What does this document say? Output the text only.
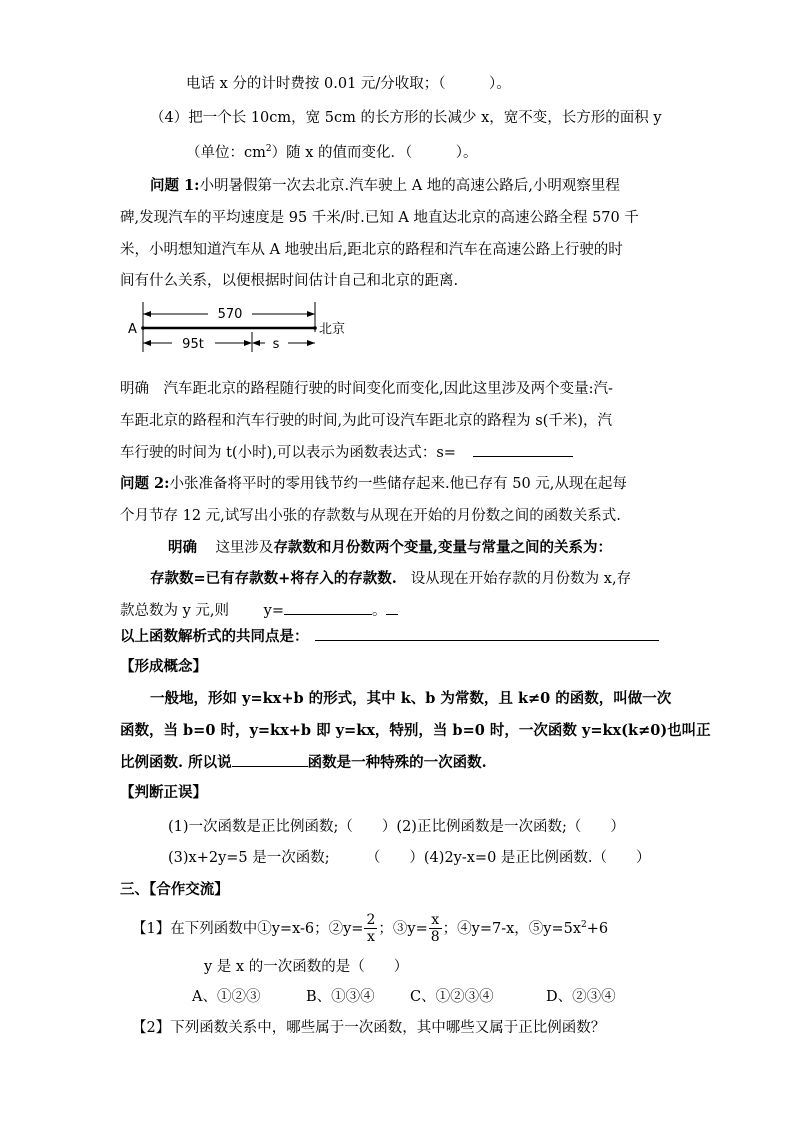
电话 x 分的计时费按 0.01 元/分收取；（　　　）。
（4）把一个长 10cm，宽 5cm 的长方形的长减少 x，宽不变，长方形的面积 y
（单位：$cm^2$）随 x 的值而变化．（　　　）。
问题 1:小明暑假第一次去北京.汽车驶上 A 地的高速公路后,小明观察里程
碑,发现汽车的平均速度是 95 千米/时.已知 A 地直达北京的高速公路全程 570 千
米，小明想知道汽车从 A 地驶出后,距北京的路程和汽车在高速公路上行驶的时
间有什么关系，以便根据时间估计自己和北京的距离.
570
A	北京
95t	s
明确　汽车距北京的路程随行驶的时间变化而变化,因此这里涉及两个变量:汽-
车距北京的路程和汽车行驶的时间,为此可设汽车距北京的路程为 s(千米)，汽
车行驶的时间为 t(小时),可以表示为函数表达式：s=
问题 2:小张准备将平时的零用钱节约一些储存起来.他已存有 50 元,从现在起每
个月节存 12 元,试写出小张的存款数与从现在开始的月份数之间的函数关系式.
明确 这里涉及存款数和月份数两个变量,变量与常量之间的关系为：
存款数=已有存款数+将存入的存款数. 设从现在开始存款的月份数为 x,存
款总数为 y 元,则 y=	。
以上函数解析式的共同点是：
【形成概念】
一般地，形如 y=kx+b 的形式，其中 k、b 为常数，且 k≠0 的函数，叫做一次
函数，当 b=0 时，y=kx+b 即 y=kx，特别，当 b=0 时，一次函数 y=kx(k≠0)也叫正
比例函数. 所以说	函数是一种特殊的一次函数.
【判断正误】
(1)一次函数是正比例函数;（　　）(2)正比例函数是一次函数;（　　）
(3)x+2y=5 是一次函数;　　　（　　）(4)2y-x=0 是正比例函数.（　　）
三、【合作交流】
【1】在下列函数中①y=x-6；②y= $\frac{2}{x}$ ；③y= $\frac{x}{8}$ ；④y=7-x，$⑤y=5x^2+6$
y 是 x 的一次函数的是（　　）
A、①②③	B、①③④ C、①②③④	D、②③④
【2】下列函数关系中，哪些属于一次函数，其中哪些又属于正比例函数？
